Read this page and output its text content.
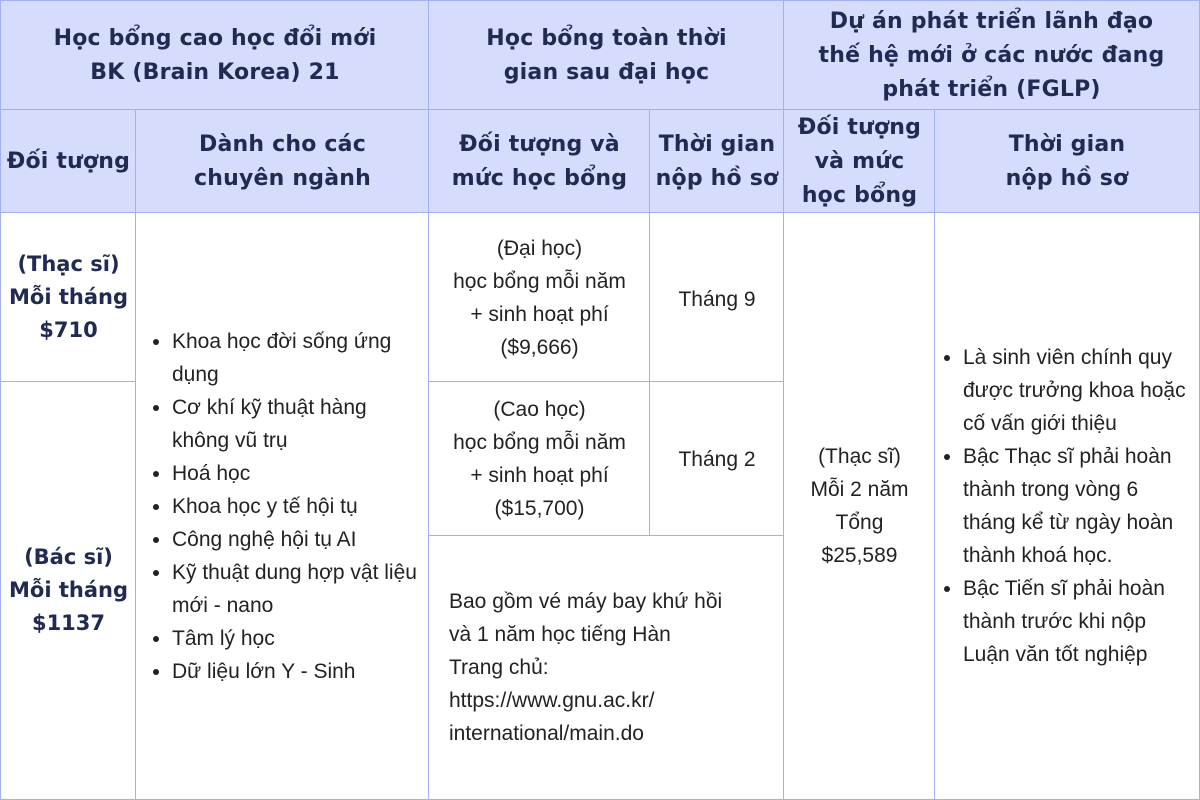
Học bổng cao học đổi mới
BK (Brain Korea) 21
Học bổng toàn thời
gian sau đại học
Dự án phát triển lãnh đạo
thế hệ mới ở các nước đang
phát triển (FGLP)
Đối tượng
Dành cho các
chuyên ngành
Đối tượng và
mức học bổng
Thời gian
nộp hồ sơ
Đối tượng
và mức
học bổng
Thời gian
nộp hồ sơ
(Thạc sĩ)
Mỗi tháng
$710
(Bác sĩ)
Mỗi tháng
$1137
• Khoa học đời sống ứng dụng
• Cơ khí kỹ thuật hàng không vũ trụ
• Hoá học
• Khoa học y tế hội tụ
• Công nghệ hội tụ AI
• Kỹ thuật dung hợp vật liệu mới - nano
• Tâm lý học
• Dữ liệu lớn Y - Sinh
(Đại học)
học bổng mỗi năm
+ sinh hoạt phí
($9,666)
Tháng 9
(Cao học)
học bổng mỗi năm
+ sinh hoạt phí
($15,700)
Tháng 2
Bao gồm vé máy bay khứ hồi
và 1 năm học tiếng Hàn
Trang chủ:
https://www.gnu.ac.kr/
international/main.do
(Thạc sĩ)
Mỗi 2 năm
Tổng
$25,589
• Là sinh viên chính quy được trưởng khoa hoặc cố vấn giới thiệu
• Bậc Thạc sĩ phải hoàn thành trong vòng 6 tháng kể từ ngày hoàn thành khoá học.
• Bậc Tiến sĩ phải hoàn thành trước khi nộp Luận văn tốt nghiệp
